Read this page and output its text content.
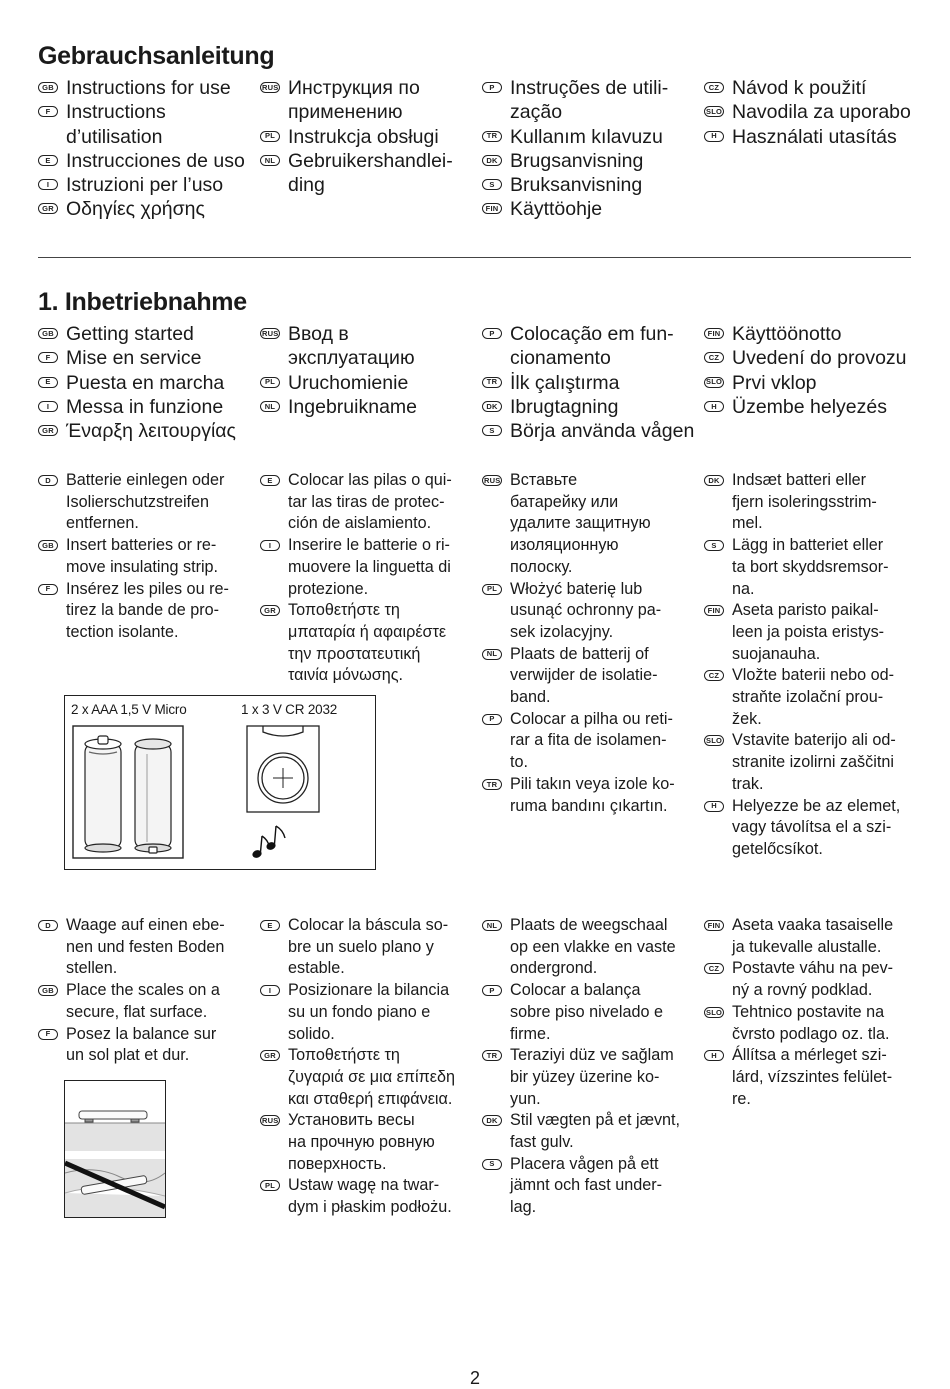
Gebrauchsanleitung
GB Instructions for use
F Instructions
d’utilisation
E Instrucciones de uso
I Istruzioni per l’uso
GR Οδηγίες χρήσης
RUS Инструкция по
применению
PL Instrukcja obsługi
NL Gebruikershandlei-
ding
P Instruções de utili-
zação
TR Kullanım kılavuzu
DK Brugsanvisning
S Bruksanvisning
FIN Käyttöohje
CZ Návod k použití
SLO Navodila za uporabo
H Használati utasítás
1. Inbetriebnahme
GB Getting started
F Mise en service
E Puesta en marcha
I Messa in funzione
GR Έναρξη λειτουργίας
RUS Ввод в
эксплуатацию
PL Uruchomienie
NL Ingebruikname
P Colocação em fun-
cionamento
TR İlk çalıştırma
DK Ibrugtagning
S Börja använda vågen
FIN Käyttöönotto
CZ Uvedení do provozu
SLO Prvi vklop
H Üzembe helyezés
D Batterie einlegen oder
Isolierschutzstreifen
entfernen.
GB Insert batteries or re-
move insulating strip.
F Insérez les piles ou re-
tirez la bande de pro-
tection isolante.
E Colocar las pilas o qui-
tar las tiras de protec-
ción de aislamiento.
I	Inserire le batterie o ri-
muovere la linguetta di
protezione.
GR Τοποθετήστε τη
μπαταρία ή αφαιρέστε
την προστατευτική
ταινία μόνωσης.
RUS Вставьте
батарейку или
удалите защитную
изоляционную
полоску.
PL Włożyć baterię lub
usunąć ochronny pa-
sek izolacyjny.
NL Plaats de batterij of
verwijder de isolatie-
band.
P Colocar a pilha ou reti-
rar a fita de isolamen-
to.
TR Pili takın veya izole ko-
ruma bandını çıkartın.
DK Indsæt batteri eller
fjern isoleringsstrim-
mel.
S Lägg in batteriet eller
ta bort skyddsremsor-
na.
FIN Aseta paristo paikal-
leen ja poista eristys-
suojanauha.
CZ Vložte baterii nebo od-
straňte izolační prou-
žek.
SLO Vstavite baterijo ali od-
stranite izolirni zaščitni
trak.
H Helyezze be az elemet,
vagy távolítsa el a szi-
getelőcsíkot.
2 x AAA 1,5 V Micro	1 x 3 V CR 2032
D Waage auf einen ebe-
nen und festen Boden
stellen.
GB Place the scales on a
secure, flat surface.
F Posez la balance sur
un sol plat et dur.
E Colocar la báscula so-
bre un suelo plano y
estable.
I	Posizionare la bilancia
su un fondo piano e
solido.
GR Τοποθετήστε τη
ζυγαριά σε μια επίπεδη
και σταθερή επιφάνεια.
RUS Установить весы
на прочную ровную
поверхность.
PL Ustaw wagę na twar-
dym i płaskim podłożu.
NL Plaats de weegschaal
op een vlakke en vaste
ondergrond.
P Colocar a balança
sobre piso nivelado e
firme.
TR Teraziyi düz ve sağlam
bir yüzey üzerine ko-
yun.
DK Stil vægten på et jævnt,
fast gulv.
S Placera vågen på ett
jämnt och fast under-
lag.
FIN Aseta vaaka tasaiselle
ja tukevalle alustalle.
CZ Postavte váhu na pev-
ný a rovný podklad.
SLO Tehtnico postavite na
čvrsto podlago oz. tla.
H Állítsa a mérleget szi-
lárd, vízszintes felület-
re.
2
